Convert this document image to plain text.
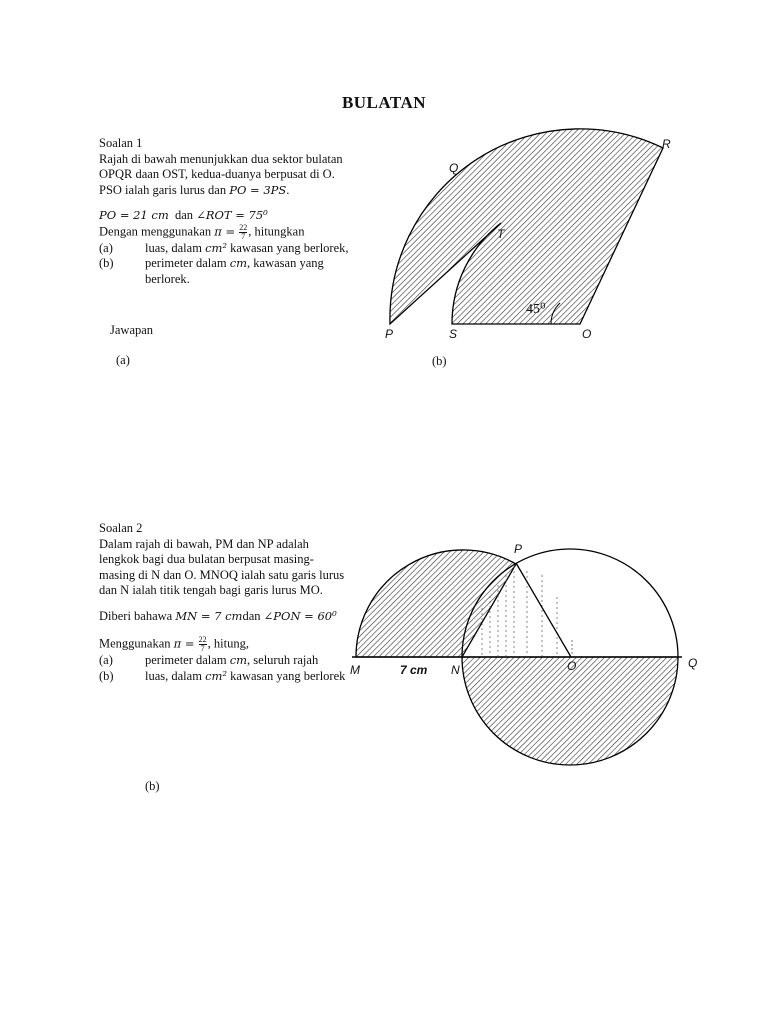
BULATAN
Soalan 1
Rajah di bawah menunjukkan dua sektor bulatan
OPQR daan OST, kedua-duanya berpusat di O.
PSO ialah garis lurus dan PO = 3PS.
PO = 21 cm dan ∠ROT = 75⁰
Dengan menggunakan $\pi = \frac{22}{7}$ , hitungkan
(a)	luas, dalam cm² kawasan yang berlorek,
(b)	perimeter dalam cm, kawasan yang
berlorek.
Jawapan
(a)	(b)
Soalan 2
Dalam rajah di bawah, PM dan NP adalah
lengkok bagi dua bulatan berpusat masing-
masing di N dan O. MNOQ ialah satu garis lurus
dan N ialah titik tengah bagi garis lurus MO.
Diberi bahawa MN = 7 cmdan ∠PON = 60⁰
Menggunakan $\pi = \frac{22}{7}$ , hitung,
(a)	perimeter dalam cm, seluruh rajah
(b)	luas, dalam cm² kawasan yang berlorek
(b)
R
Q
T
45⁰
P	S	O
P
M	7 cm N	O	Q
